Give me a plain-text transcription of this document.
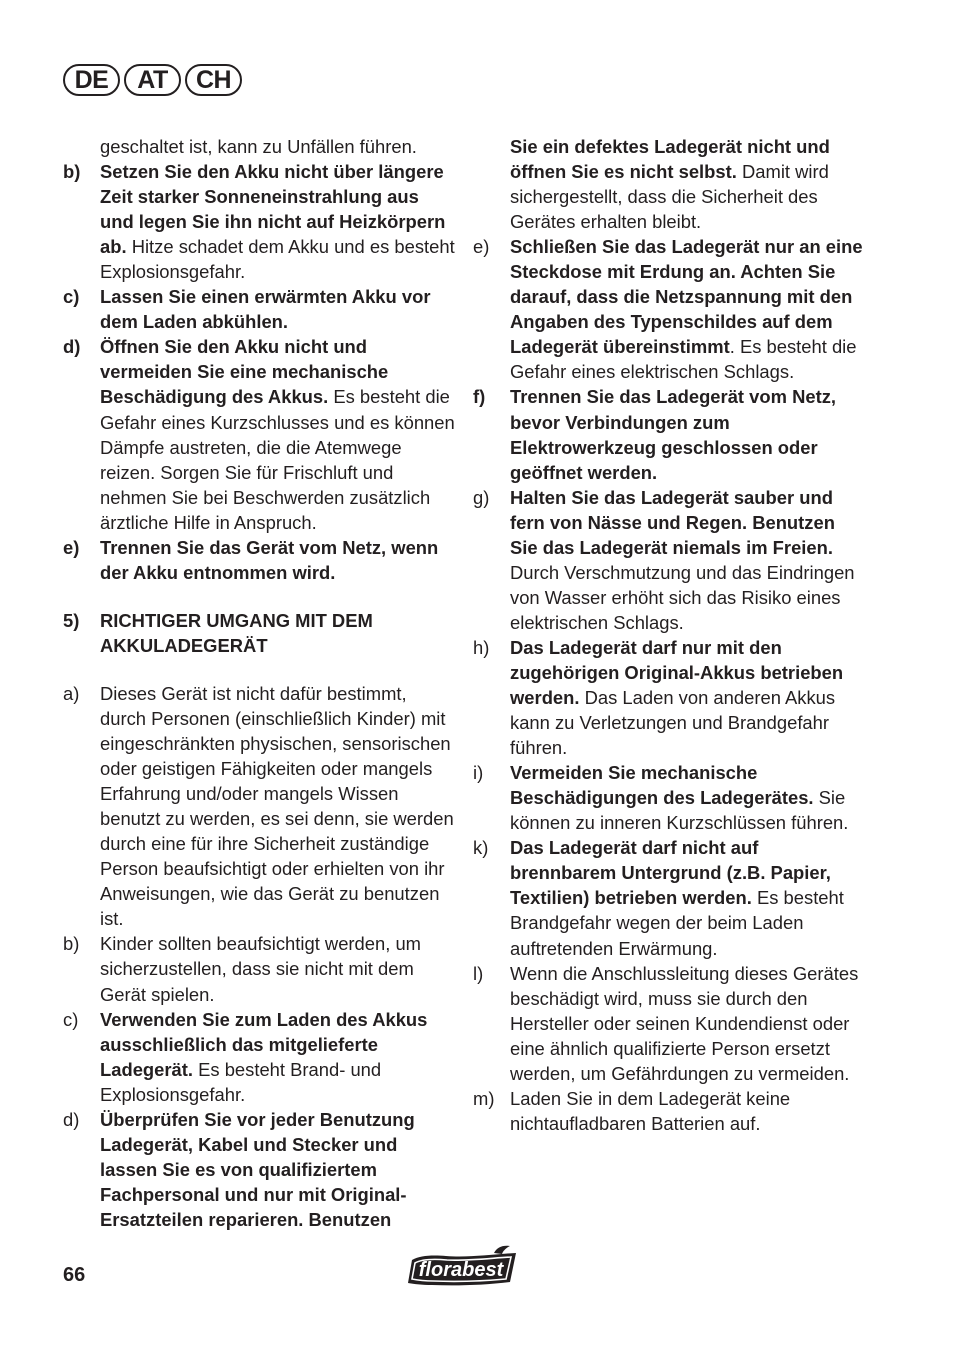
DE	AT	CH
geschaltet ist, kann zu Unfällen führen.
b)	Setzen Sie den Akku nicht über längere Zeit starker Sonneneinstrahlung aus und legen Sie ihn nicht auf Heizkörpern ab. Hitze schadet dem Akku und es besteht Explosionsgefahr.
c)	Lassen Sie einen erwärmten Akku vor dem Laden abkühlen.
d)	Öffnen Sie den Akku nicht und vermeiden Sie eine mechanische Beschädigung des Akkus. Es besteht die Gefahr eines Kurzschlusses und es können Dämpfe austreten, die die Atemwege reizen. Sorgen Sie für Frischluft und nehmen Sie bei Beschwerden zusätzlich ärztliche Hilfe in Anspruch.
e)	Trennen Sie das Gerät vom Netz, wenn der Akku entnommen wird.
5)	RICHTIGER UMGANG MIT DEM AKKULADEGERÄT
a)	Dieses Gerät ist nicht dafür bestimmt, durch Personen (einschließlich Kinder) mit eingeschränkten physischen, sensorischen oder geistigen Fähigkeiten oder mangels Erfahrung und/oder mangels Wissen benutzt zu werden, es sei denn, sie werden durch eine für ihre Sicherheit zuständige Person beaufsichtigt oder erhielten von ihr Anweisungen, wie das Gerät zu benutzen ist.
b)	Kinder sollten beaufsichtigt werden, um sicherzustellen, dass sie nicht mit dem Gerät spielen.
c)	Verwenden Sie zum Laden des Akkus ausschließlich das mitgelieferte Ladegerät. Es besteht Brand- und Explosionsgefahr.
d)	Überprüfen Sie vor jeder Benutzung Ladegerät, Kabel und Stecker und lassen Sie es von qualifiziertem Fachpersonal und nur mit Original-Ersatzteilen reparieren. Benutzen
Sie ein defektes Ladegerät nicht und öffnen Sie es nicht selbst. Damit wird sichergestellt, dass die Sicherheit des Gerätes erhalten bleibt.
e)	Schließen Sie das Ladegerät nur an eine Steckdose mit Erdung an. Achten Sie darauf, dass die Netzspannung mit den Angaben des Typenschildes auf dem Ladegerät übereinstimmt. Es besteht die Gefahr eines elektrischen Schlags.
f)	Trennen Sie das Ladegerät vom Netz, bevor Verbindungen zum Elektrowerkzeug geschlossen oder geöffnet werden.
g)	Halten Sie das Ladegerät sauber und fern von Nässe und Regen. Benutzen Sie das Ladegerät niemals im Freien. Durch Verschmutzung und das Eindringen von Wasser erhöht sich das Risiko eines elektrischen Schlags.
h)	Das Ladegerät darf nur mit den zugehörigen Original-Akkus betrieben werden. Das Laden von anderen Akkus kann zu Verletzungen und Brandgefahr führen.
i)	Vermeiden Sie mechanische Beschädigungen des Ladegerätes. Sie können zu inneren Kurzschlüssen führen.
k)	Das Ladegerät darf nicht auf brennbarem Untergrund (z.B. Papier, Textilien) betrieben werden. Es besteht Brandgefahr wegen der beim Laden auftretenden Erwärmung.
l)	Wenn die Anschlussleitung dieses Gerätes beschädigt wird, muss sie durch den Hersteller oder seinen Kundendienst oder eine ähnlich qualifizierte Person ersetzt werden, um Gefährdungen zu vermeiden.
m) Laden Sie in dem Ladegerät keine nichtaufladbaren Batterien auf.
66	florabest
